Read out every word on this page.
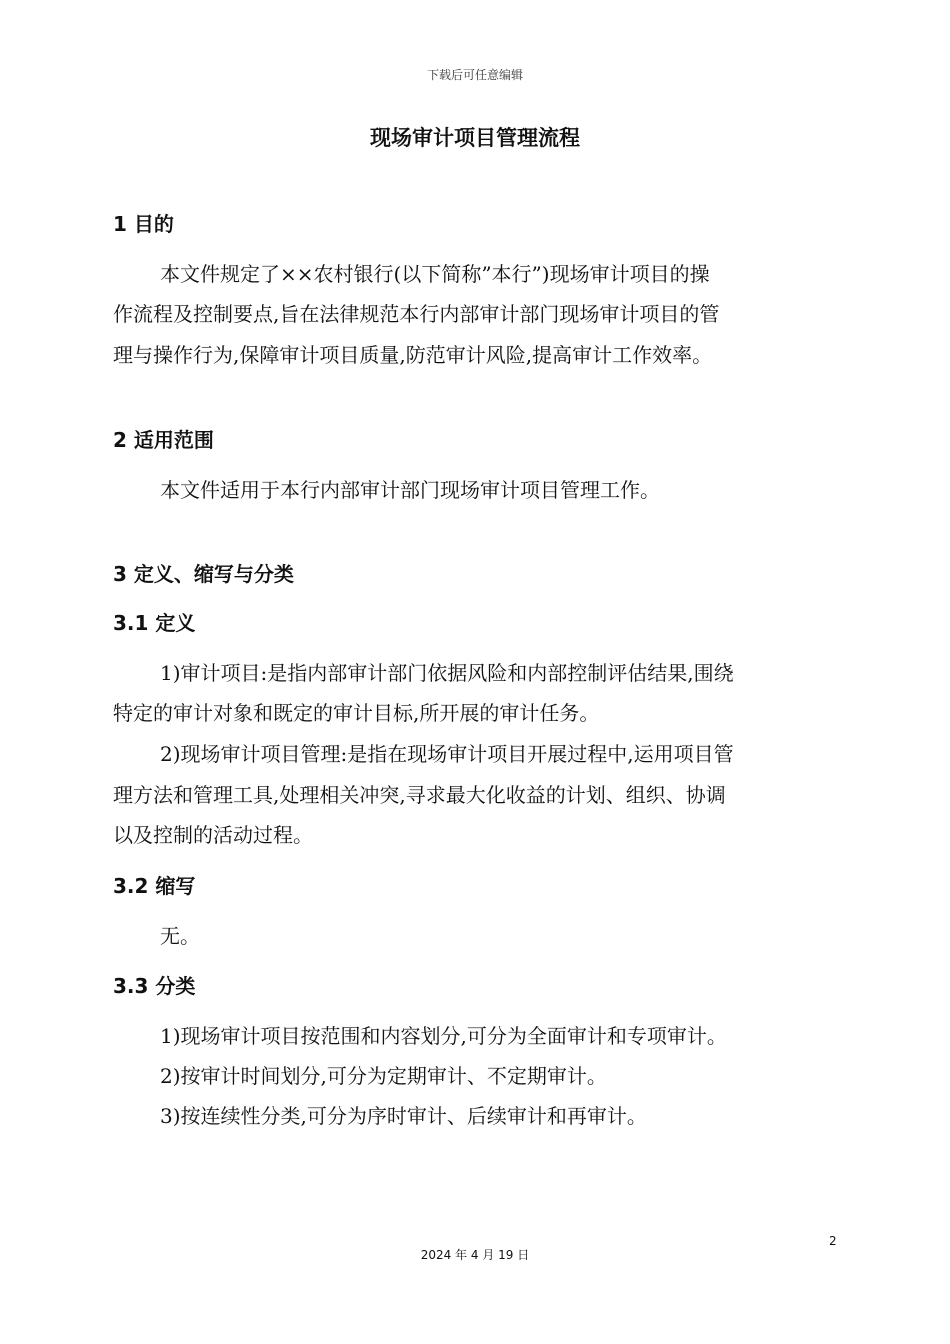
下载后可任意编辑
现场审计项目管理流程
1 目的
本文件规定了××农村银行(以下简称”本行”)现场审计项目的操
作流程及控制要点,旨在法律规范本行内部审计部门现场审计项目的管
理与操作行为,保障审计项目质量,防范审计风险,提高审计工作效率。
2 适用范围
本文件适用于本行内部审计部门现场审计项目管理工作。
3 定义、缩写与分类
3.1 定义
1)审计项目:是指内部审计部门依据风险和内部控制评估结果,围绕
特定的审计对象和既定的审计目标,所开展的审计任务。
2)现场审计项目管理:是指在现场审计项目开展过程中,运用项目管
理方法和管理工具,处理相关冲突,寻求最大化收益的计划、组织、协调
以及控制的活动过程。
3.2 缩写
无。
3.3 分类
1)现场审计项目按范围和内容划分,可分为全面审计和专项审计。
2)按审计时间划分,可分为定期审计、不定期审计。
3)按连续性分类,可分为序时审计、后续审计和再审计。
2
2024 年 4 月 19 日
